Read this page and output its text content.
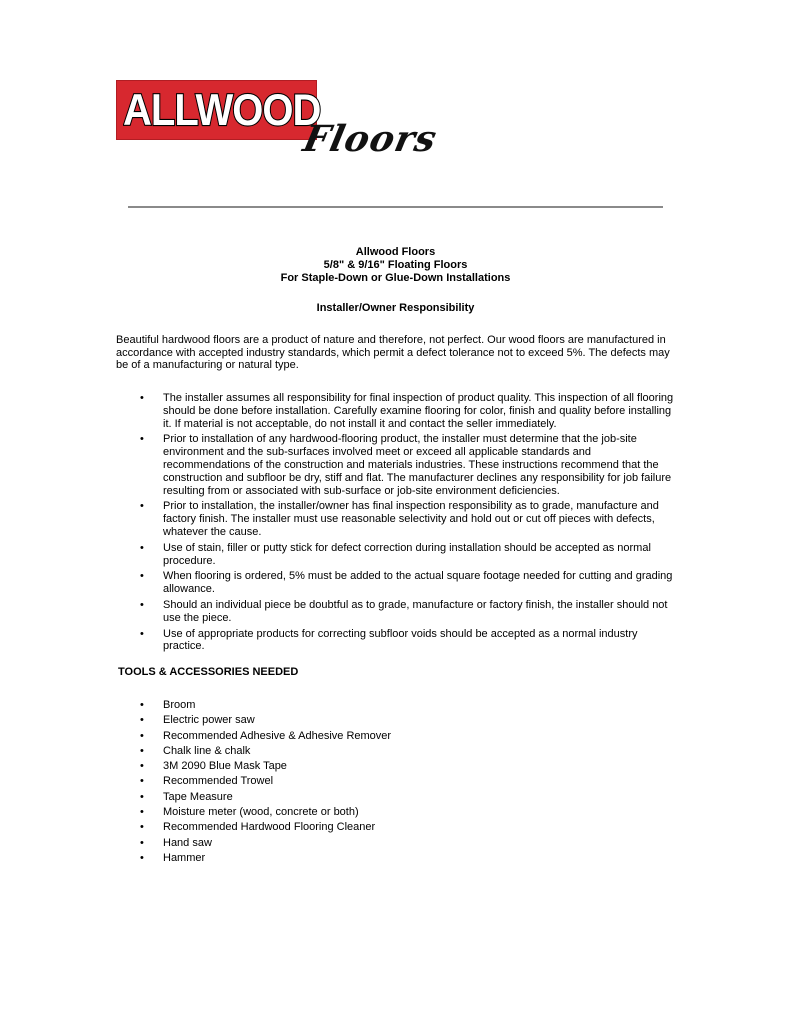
ALLWOOD
Floors
Allwood Floors
5/8" & 9/16" Floating Floors
For Staple-Down or Glue-Down Installations
Installer/Owner Responsibility
Beautiful hardwood floors are a product of nature and therefore, not perfect. Our wood floors are manufactured in accordance with accepted industry standards, which permit a defect tolerance not to exceed 5%. The defects may be of a manufacturing or natural type.
• The installer assumes all responsibility for final inspection of product quality. This inspection of all flooring should be done before installation. Carefully examine flooring for color, finish and quality before installing it. If material is not acceptable, do not install it and contact the seller immediately.
• Prior to installation of any hardwood-flooring product, the installer must determine that the job-site environment and the sub-surfaces involved meet or exceed all applicable standards and recommendations of the construction and materials industries. These instructions recommend that the construction and subfloor be dry, stiff and flat. The manufacturer declines any responsibility for job failure resulting from or associated with sub-surface or job-site environment deficiencies.
• Prior to installation, the installer/owner has final inspection responsibility as to grade, manufacture and factory finish. The installer must use reasonable selectivity and hold out or cut off pieces with defects, whatever the cause.
• Use of stain, filler or putty stick for defect correction during installation should be accepted as normal procedure.
• When flooring is ordered, 5% must be added to the actual square footage needed for cutting and grading allowance.
• Should an individual piece be doubtful as to grade, manufacture or factory finish, the installer should not use the piece.
• Use of appropriate products for correcting subfloor voids should be accepted as a normal industry practice.
TOOLS & ACCESSORIES NEEDED
• Broom
• Electric power saw
• Recommended Adhesive & Adhesive Remover
• Chalk line & chalk
• 3M 2090 Blue Mask Tape
• Recommended Trowel
• Tape Measure
• Moisture meter (wood, concrete or both)
• Recommended Hardwood Flooring Cleaner
• Hand saw
• Hammer
